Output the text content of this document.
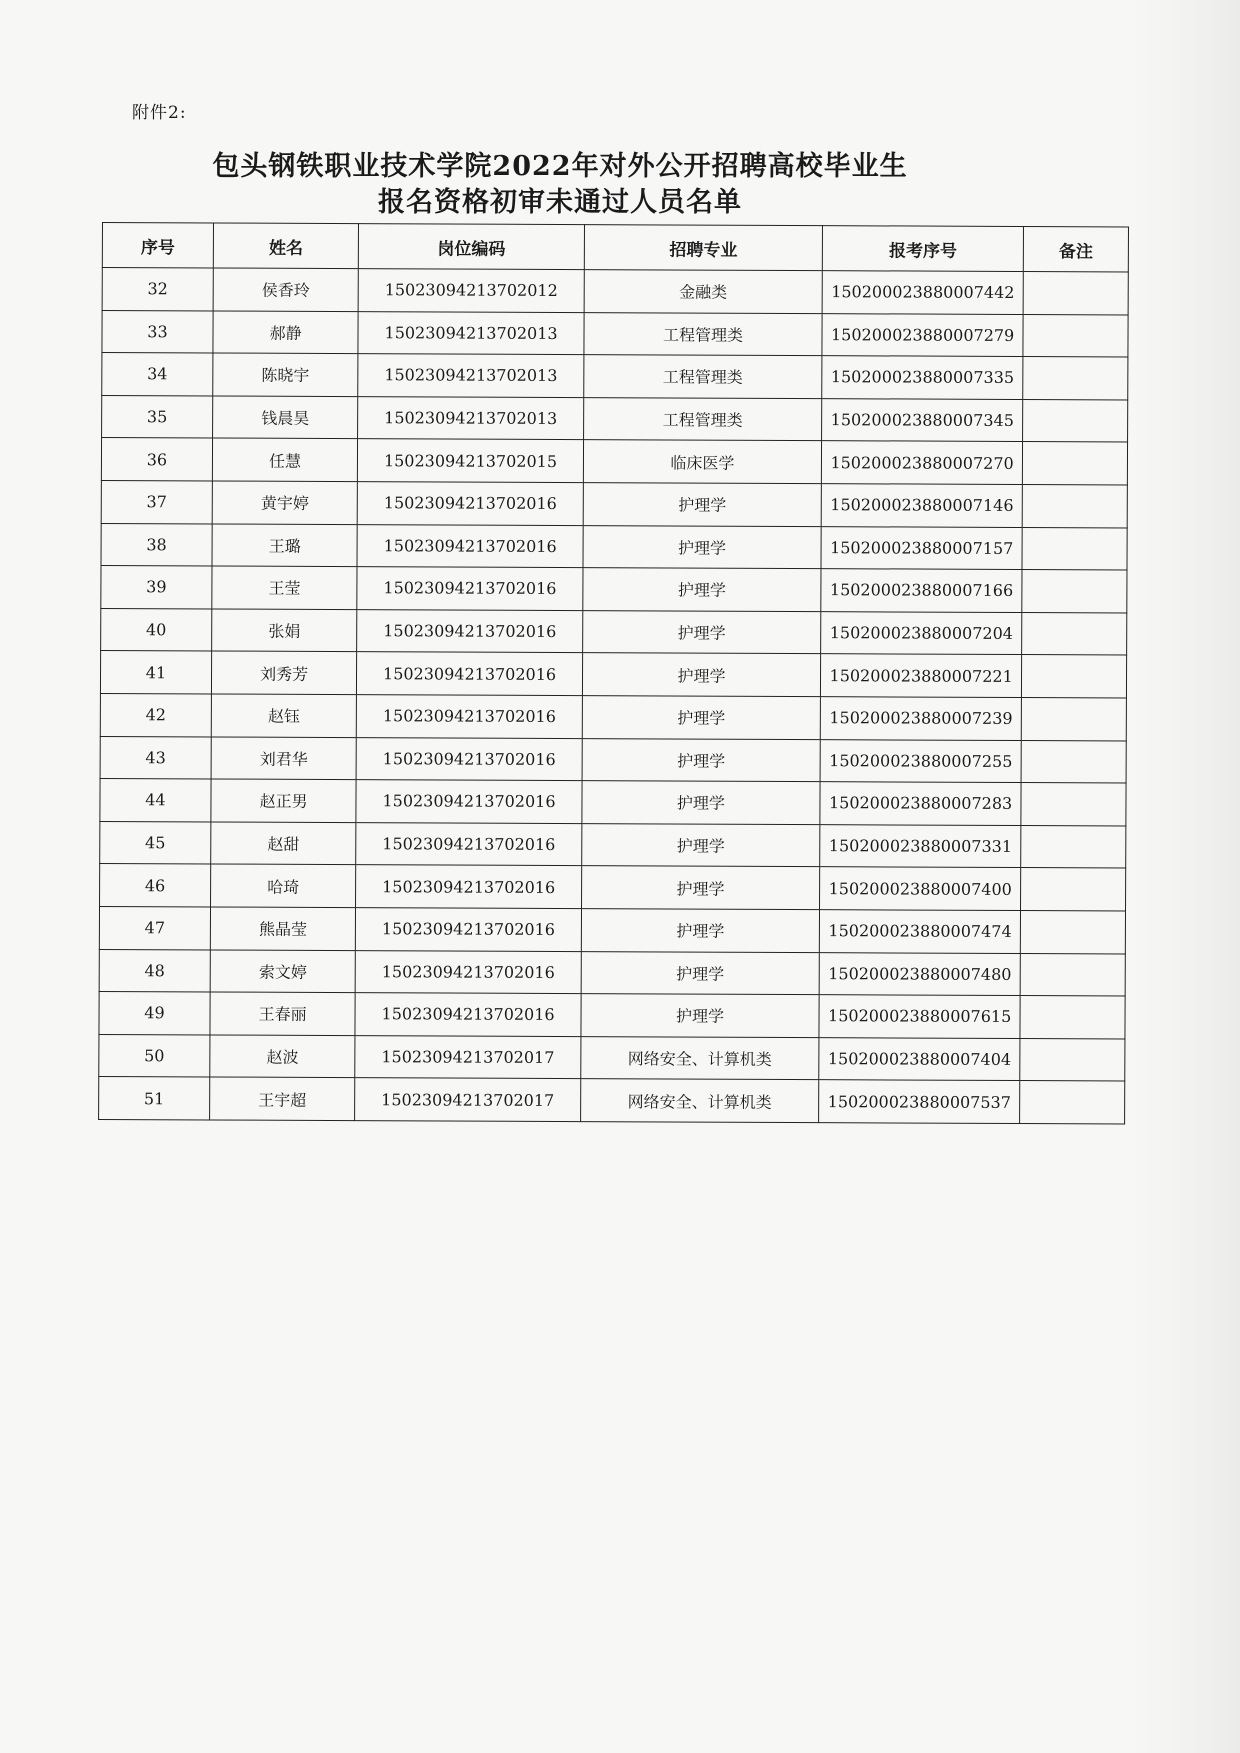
附件2:
包头钢铁职业技术学院2022年对外公开招聘高校毕业生
报名资格初审未通过人员名单
序号	姓名	岗位编码	招聘专业	报考序号	备注
32	侯香玲	15023094213702012	金融类	150200023880007442	
33	郝静	15023094213702013	工程管理类	150200023880007279	
34	陈晓宇	15023094213702013	工程管理类	150200023880007335	
35	钱晨昊	15023094213702013	工程管理类	150200023880007345	
36	任慧	15023094213702015	临床医学	150200023880007270	
37	黄宇婷	15023094213702016	护理学	150200023880007146	
38	王璐	15023094213702016	护理学	150200023880007157	
39	王莹	15023094213702016	护理学	150200023880007166	
40	张娟	15023094213702016	护理学	150200023880007204	
41	刘秀芳	15023094213702016	护理学	150200023880007221	
42	赵钰	15023094213702016	护理学	150200023880007239	
43	刘君华	15023094213702016	护理学	150200023880007255	
44	赵正男	15023094213702016	护理学	150200023880007283	
45	赵甜	15023094213702016	护理学	150200023880007331	
46	哈琦	15023094213702016	护理学	150200023880007400	
47	熊晶莹	15023094213702016	护理学	150200023880007474	
48	索文婷	15023094213702016	护理学	150200023880007480	
49	王春丽	15023094213702016	护理学	150200023880007615	
50	赵波	15023094213702017	网络安全、计算机类	150200023880007404	
51	王宇超	15023094213702017	网络安全、计算机类	150200023880007537	
